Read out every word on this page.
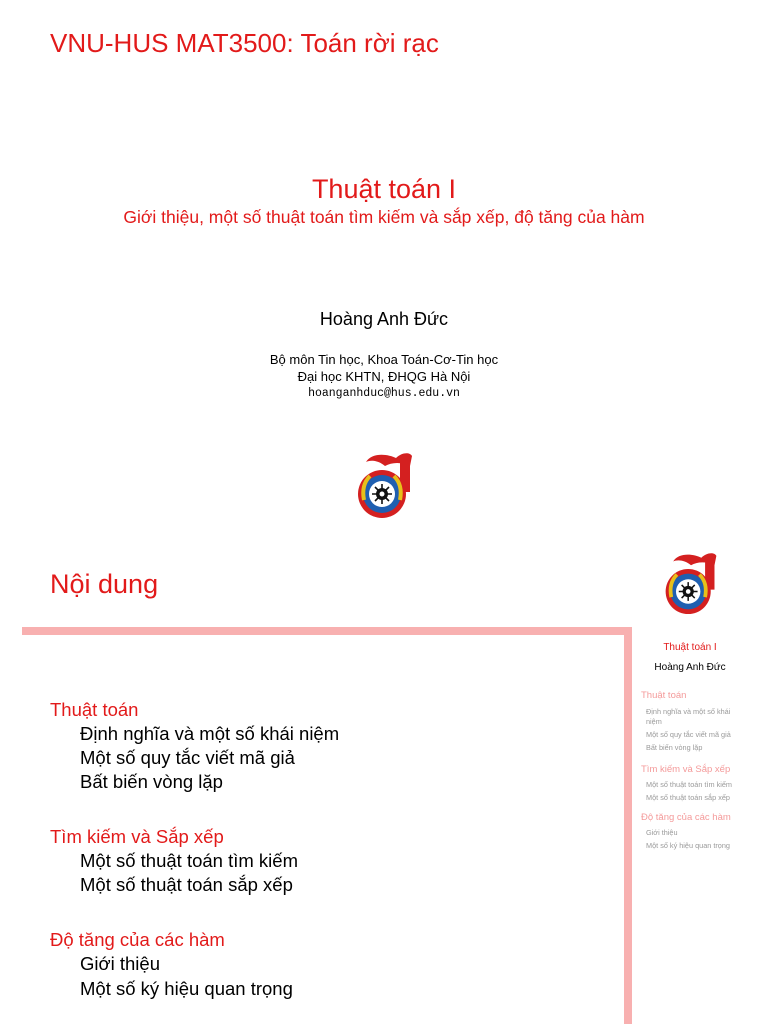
VNU-HUS MAT3500: Toán rời rạc
Thuật toán I
Giới thiệu, một số thuật toán tìm kiếm và sắp xếp, độ tăng của hàm
Hoàng Anh Đức
Bộ môn Tin học, Khoa Toán-Cơ-Tin học
Đại học KHTN, ĐHQG Hà Nội
hoanganhduc@hus.edu.vn
Nội dung
Thuật toán
Định nghĩa và một số khái niệm
Một số quy tắc viết mã giả
Bất biến vòng lặp
Tìm kiếm và Sắp xếp
Một số thuật toán tìm kiếm
Một số thuật toán sắp xếp
Độ tăng của các hàm
Giới thiệu
Một số ký hiệu quan trọng
Thuật toán I
Hoàng Anh Đức
Thuật toán
Định nghĩa và một số khái niệm
Một số quy tắc viết mã giả
Bất biến vòng lặp
Tìm kiếm và Sắp xếp
Một số thuật toán tìm kiếm
Một số thuật toán sắp xếp
Độ tăng của các hàm
Giới thiệu
Một số ký hiệu quan trọng
